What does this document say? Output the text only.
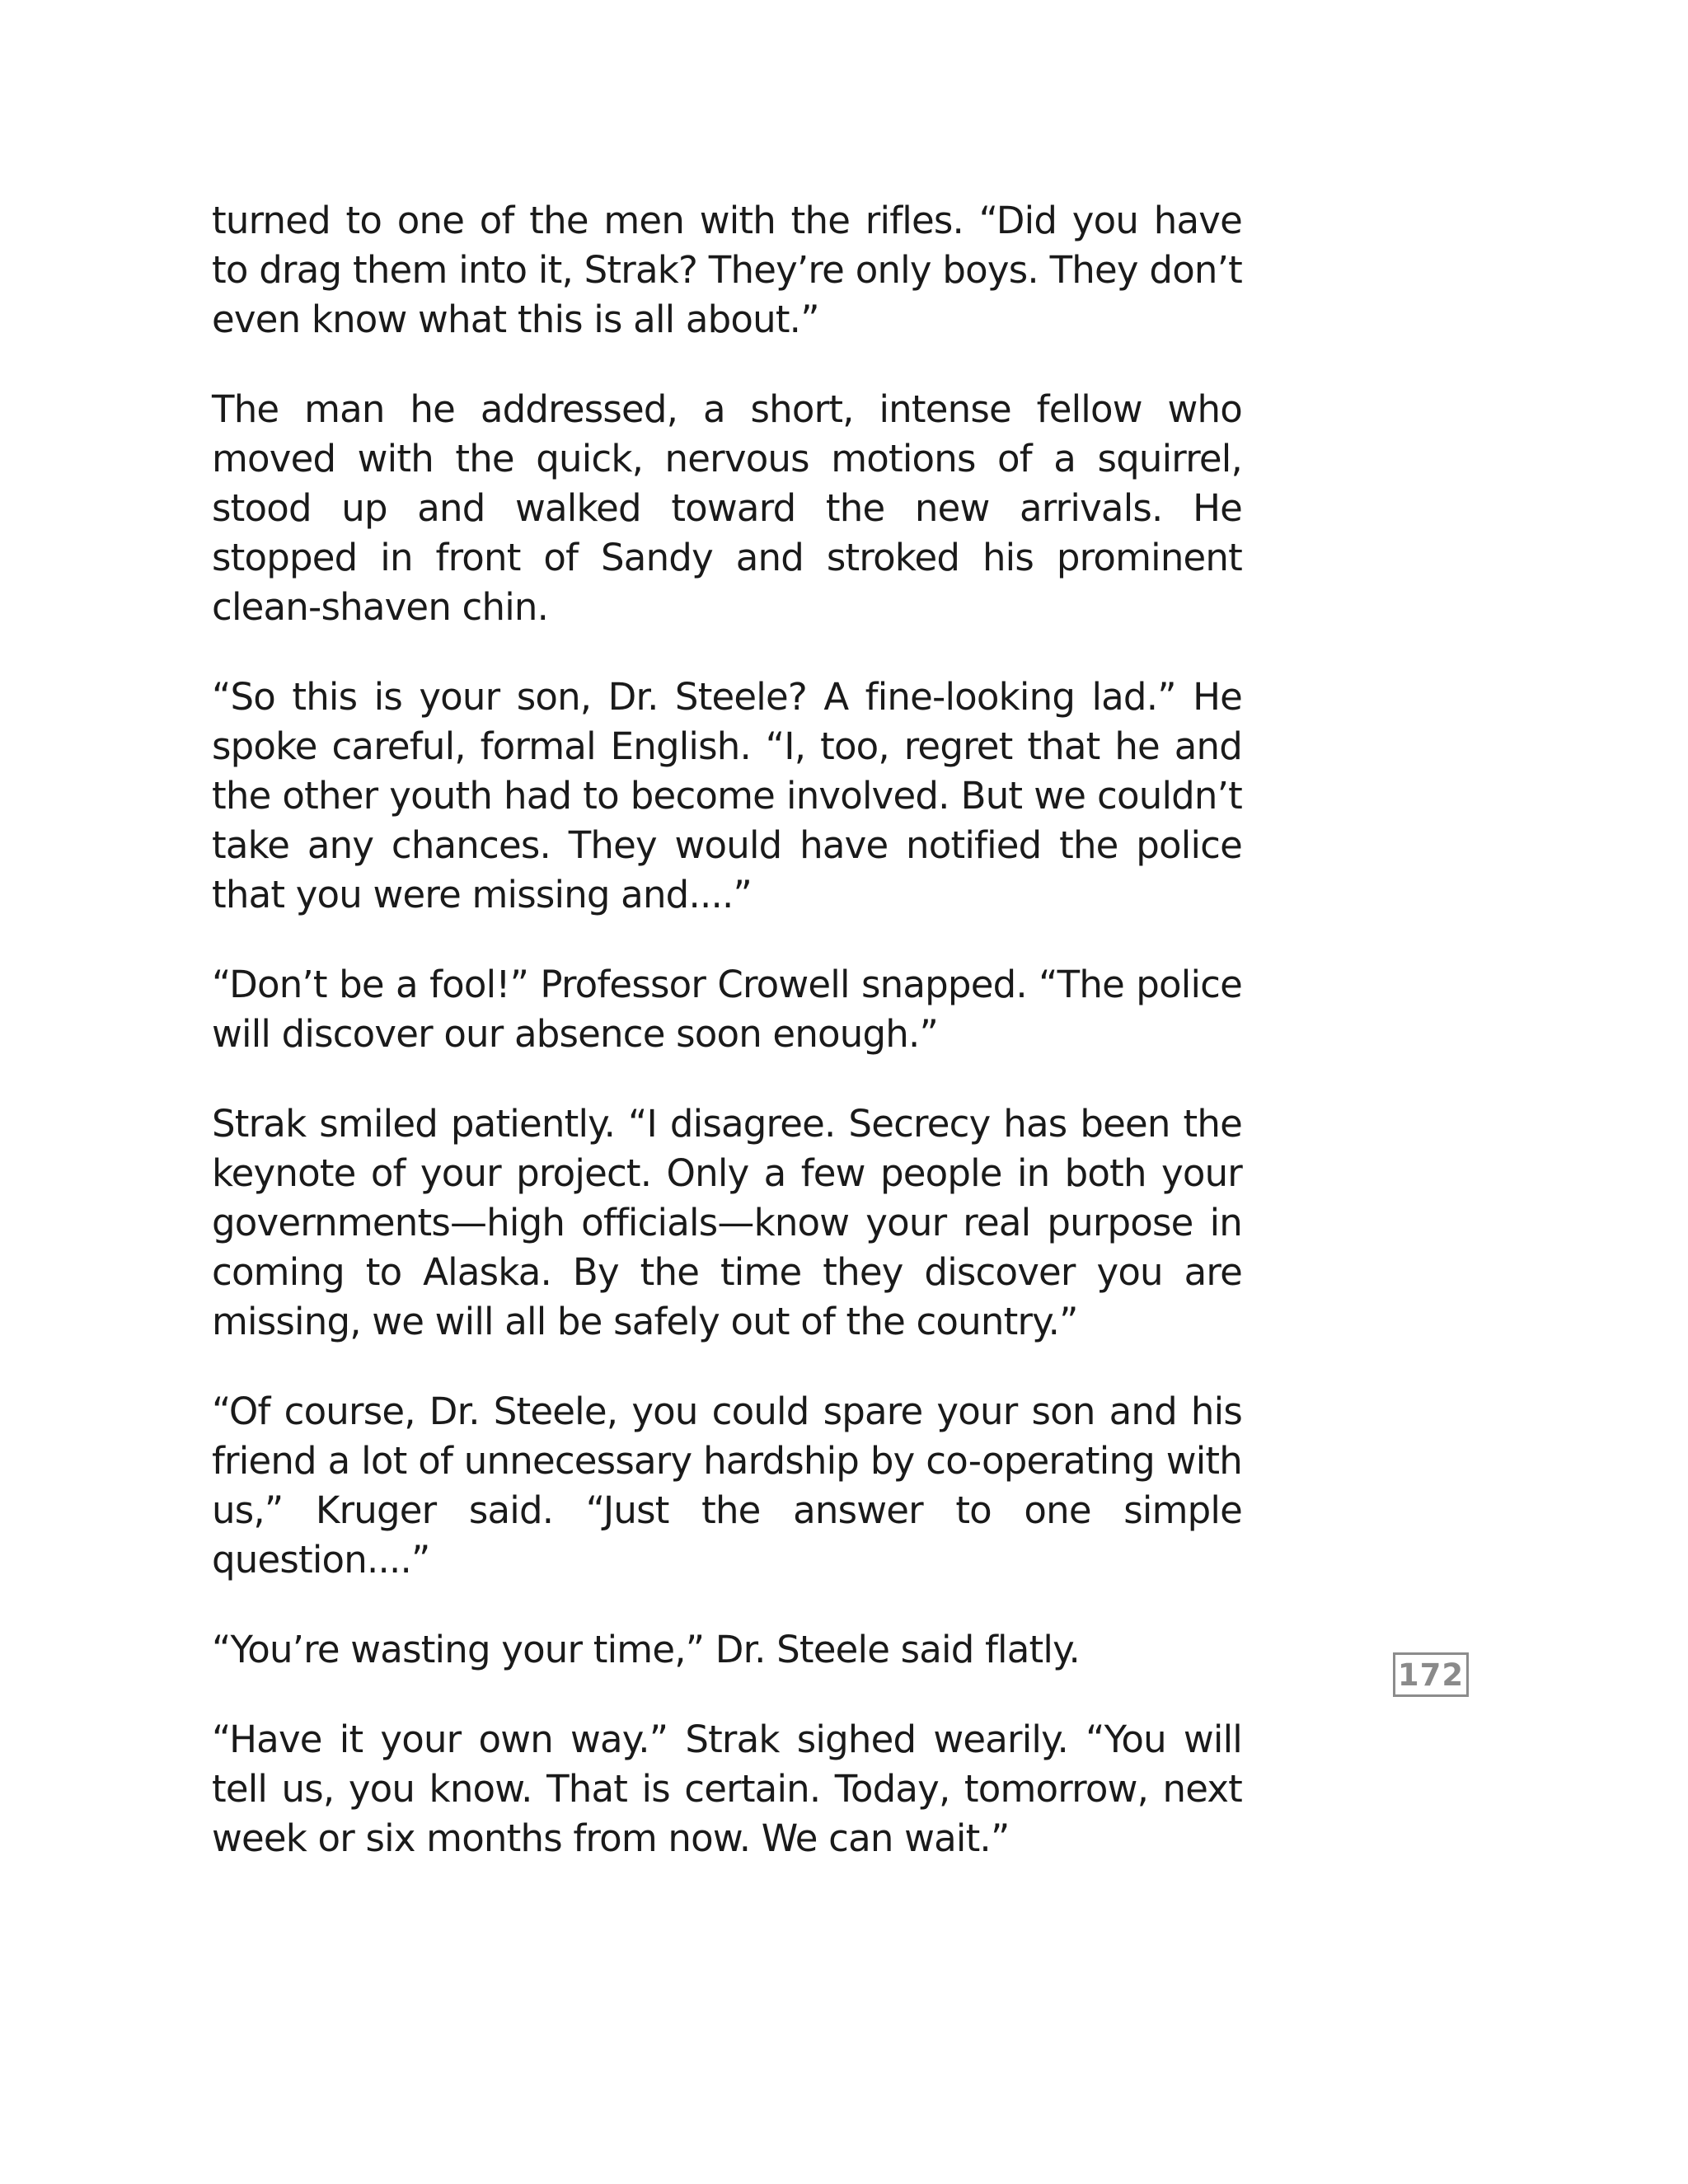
turned to one of the men with the rifles. “Did you have to drag them into it, Strak? They’re only boys. They don’t even know what this is all about.”

The man he addressed, a short, intense fellow who moved with the quick, nervous motions of a squirrel, stood up and walked toward the new arrivals. He stopped in front of Sandy and stroked his prominent clean-shaven chin.

“So this is your son, Dr. Steele? A fine-looking lad.” He spoke careful, formal English. “I, too, regret that he and the other youth had to become involved. But we couldn’t take any chances. They would have notified the police that you were missing and....”

“Don’t be a fool!” Professor Crowell snapped. “The police will discover our absence soon enough.”

Strak smiled patiently. “I disagree. Secrecy has been the keynote of your project. Only a few people in both your governments—high officials—know your real purpose in coming to Alaska. By the time they discover you are missing, we will all be safely out of the country.”

“Of course, Dr. Steele, you could spare your son and his friend a lot of unnecessary hardship by co-operating with us,” Kruger said. “Just the answer to one simple question....”

“You’re wasting your time,” Dr. Steele said flatly.

“Have it your own way.” Strak sighed wearily. “You will tell us, you know. That is certain. Today, tomorrow, next week or six months from now. We can wait.”

172
